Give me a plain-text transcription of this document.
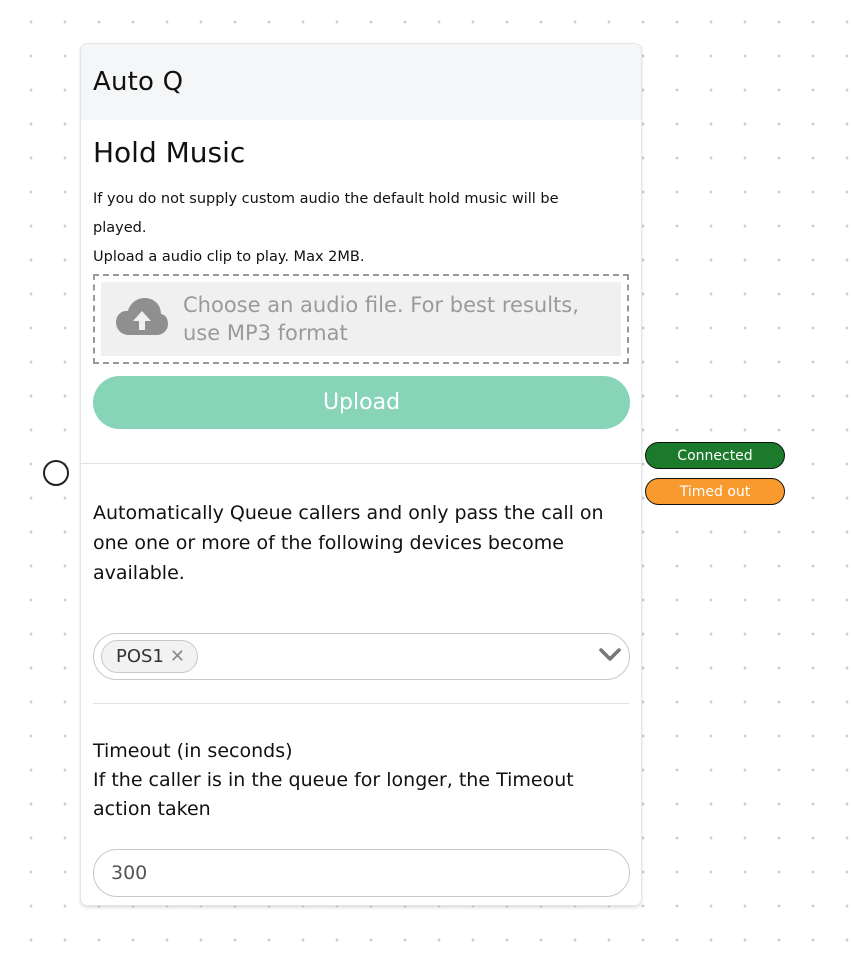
Auto Q
Hold Music
If you do not supply custom audio the default hold music will be played.
Upload a audio clip to play. Max 2MB.
Choose an audio file. For best results, use MP3 format
Upload
Automatically Queue callers and only pass the call on one one or more of the following devices become available.
POS1 ✕
Timeout (in seconds)
If the caller is in the queue for longer, the Timeout action taken
300
Connected
Timed out
